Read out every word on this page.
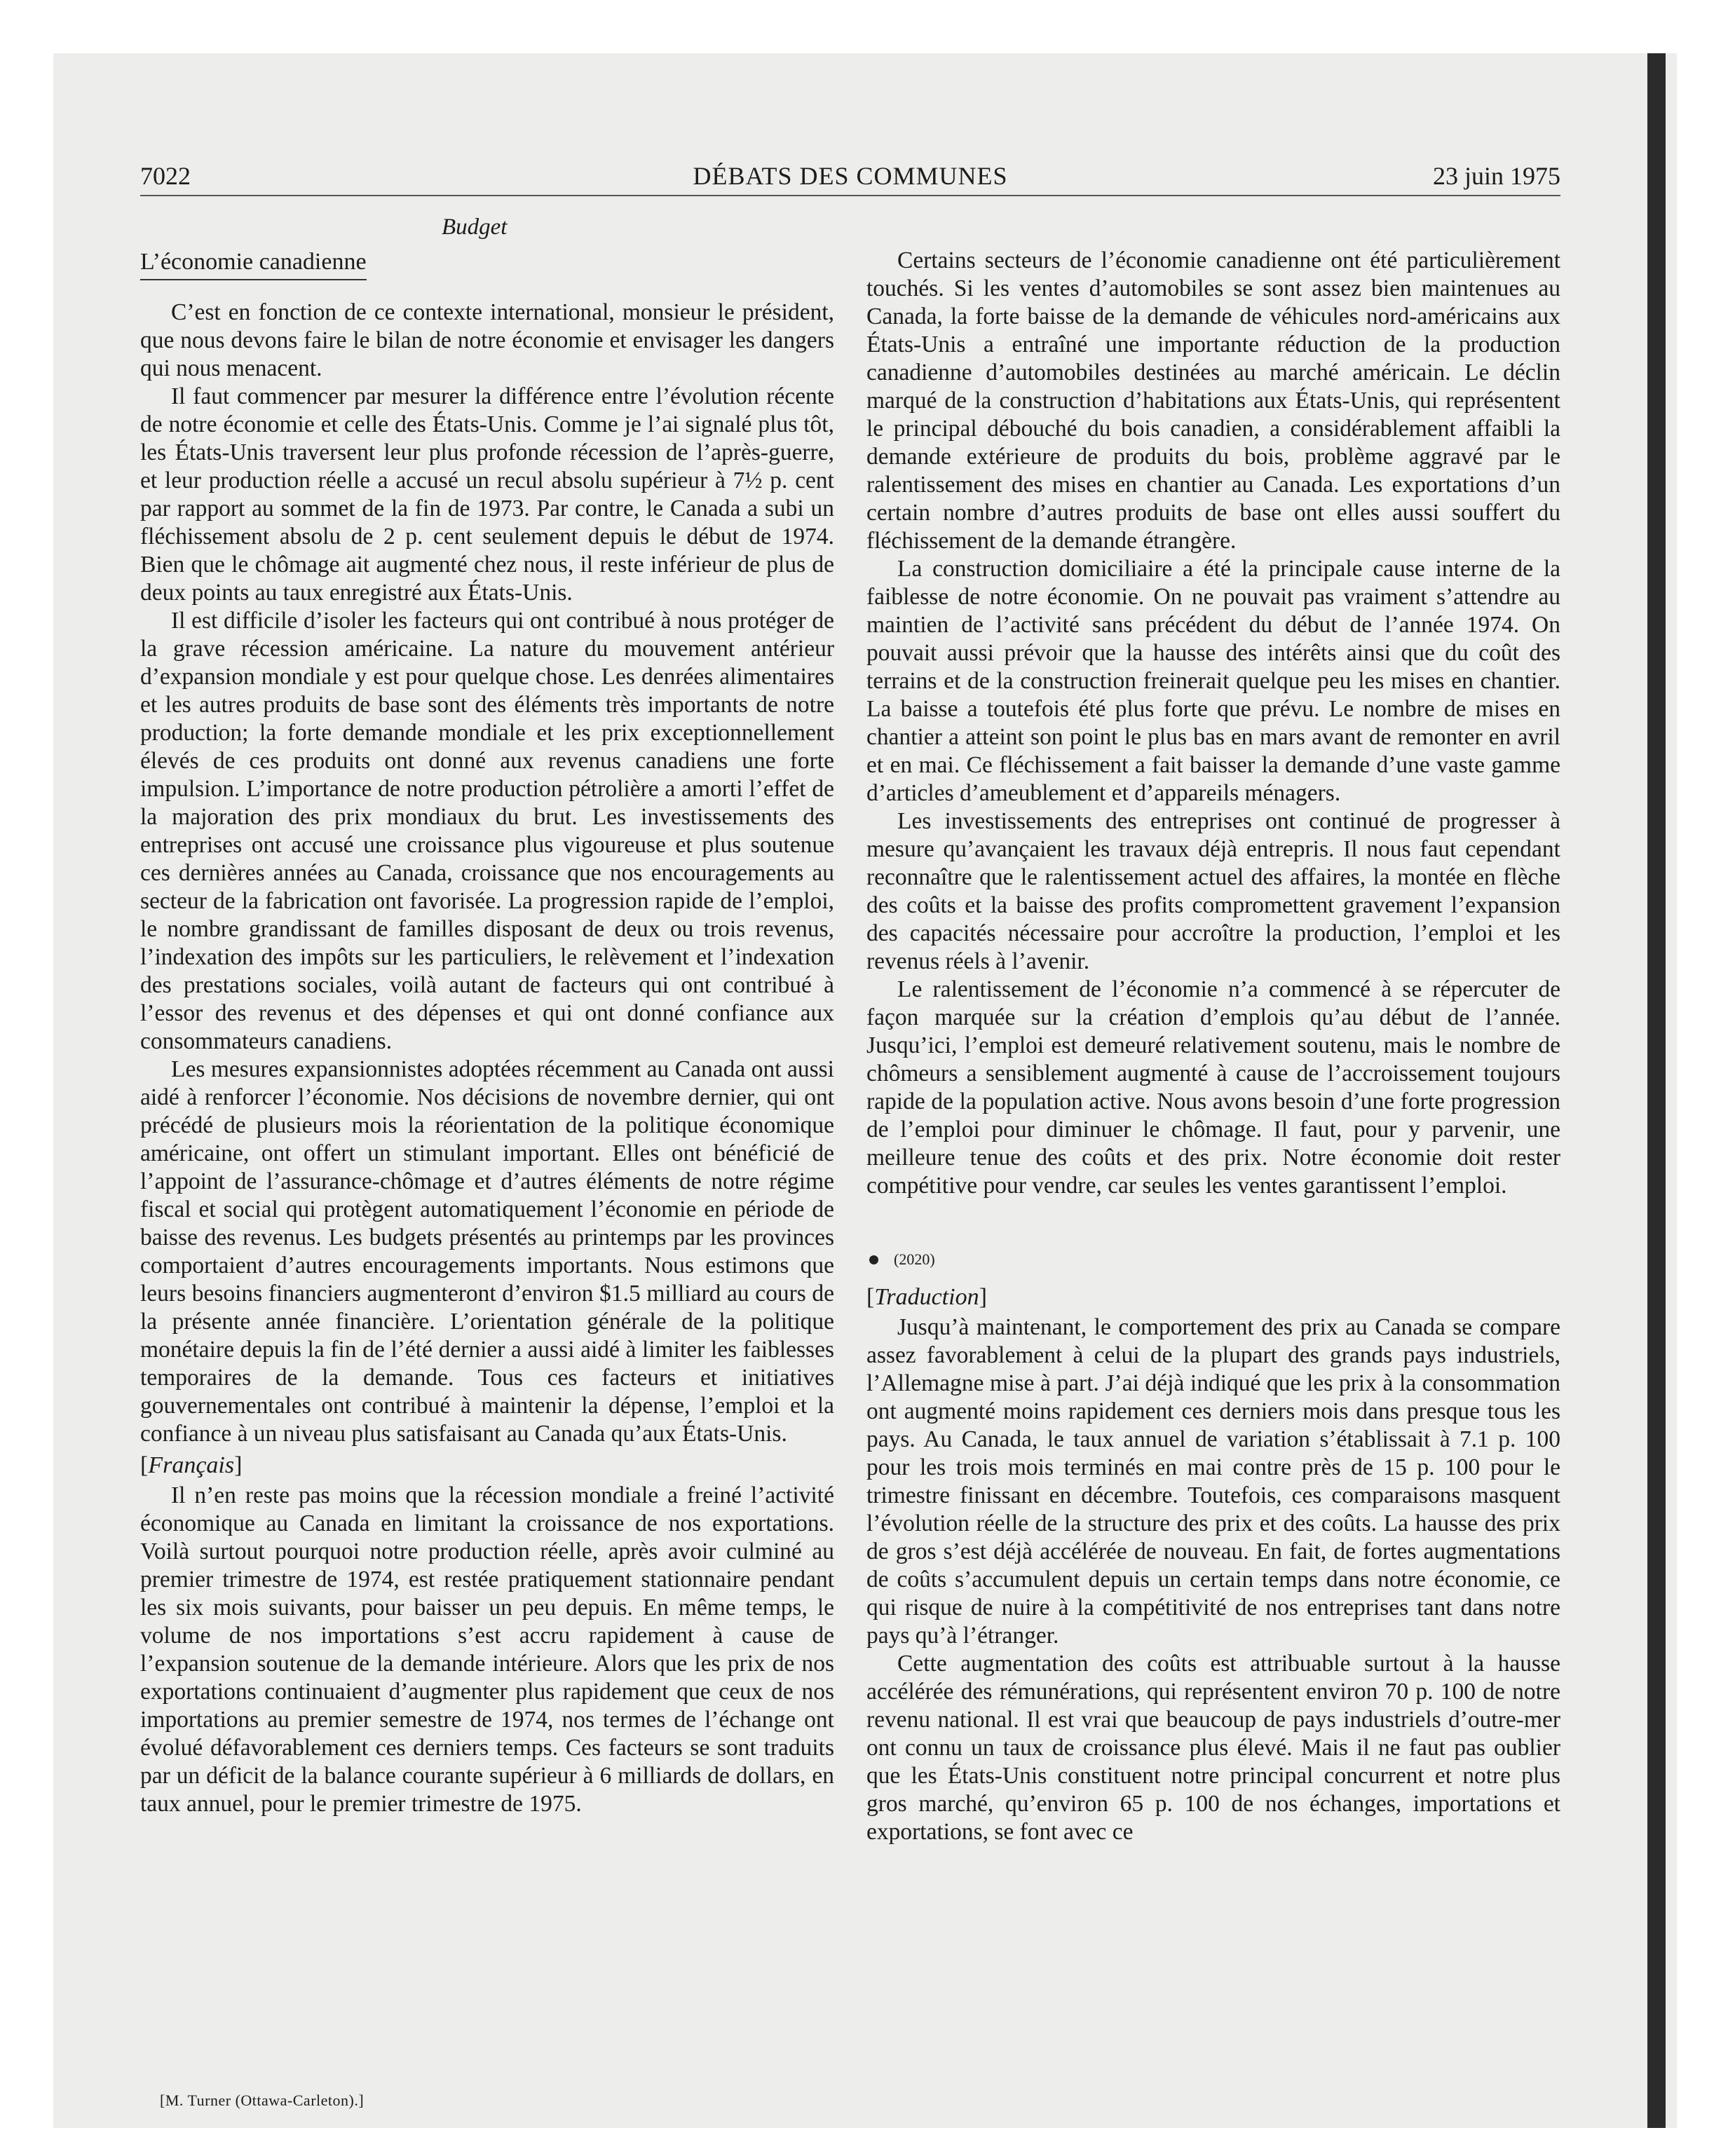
7022	DÉBATS DES COMMUNES	23 juin 1975
Budget
L’économie canadienne

C’est en fonction de ce contexte international, monsieur le président, que nous devons faire le bilan de notre économie et envisager les dangers qui nous menacent.

Il faut commencer par mesurer la différence entre l’évolution récente de notre économie et celle des États-Unis. Comme je l’ai signalé plus tôt, les États-Unis traversent leur plus profonde récession de l’après-guerre, et leur production réelle a accusé un recul absolu supérieur à 7½ p. cent par rapport au sommet de la fin de 1973. Par contre, le Canada a subi un fléchissement absolu de 2 p. cent seulement depuis le début de 1974. Bien que le chômage ait augmenté chez nous, il reste inférieur de plus de deux points au taux enregistré aux États-Unis.

Il est difficile d’isoler les facteurs qui ont contribué à nous protéger de la grave récession américaine. La nature du mouvement antérieur d’expansion mondiale y est pour quelque chose. Les denrées alimentaires et les autres produits de base sont des éléments très importants de notre production; la forte demande mondiale et les prix exceptionnellement élevés de ces produits ont donné aux revenus canadiens une forte impulsion. L’importance de notre production pétrolière a amorti l’effet de la majoration des prix mondiaux du brut. Les investissements des entreprises ont accusé une croissance plus vigoureuse et plus soutenue ces dernières années au Canada, croissance que nos encouragements au secteur de la fabrication ont favorisée. La progression rapide de l’emploi, le nombre grandissant de familles disposant de deux ou trois revenus, l’indexation des impôts sur les particuliers, le relèvement et l’indexation des prestations sociales, voilà autant de facteurs qui ont contribué à l’essor des revenus et des dépenses et qui ont donné confiance aux consommateurs canadiens.

Les mesures expansionnistes adoptées récemment au Canada ont aussi aidé à renforcer l’économie. Nos décisions de novembre dernier, qui ont précédé de plusieurs mois la réorientation de la politique économique américaine, ont offert un stimulant important. Elles ont bénéficié de l’appoint de l’assurance-chômage et d’autres éléments de notre régime fiscal et social qui protègent automatiquement l’économie en période de baisse des revenus. Les budgets présentés au printemps par les provinces comportaient d’autres encouragements importants. Nous estimons que leurs besoins financiers augmenteront d’environ $1.5 milliard au cours de la présente année financière. L’orientation générale de la politique monétaire depuis la fin de l’été dernier a aussi aidé à limiter les faiblesses temporaires de la demande. Tous ces facteurs et initiatives gouvernementales ont contribué à maintenir la dépense, l’emploi et la confiance à un niveau plus satisfaisant au Canada qu’aux États-Unis.

[Français]

Il n’en reste pas moins que la récession mondiale a freiné l’activité économique au Canada en limitant la croissance de nos exportations. Voilà surtout pourquoi notre production réelle, après avoir culminé au premier trimestre de 1974, est restée pratiquement stationnaire pendant les six mois suivants, pour baisser un peu depuis. En même temps, le volume de nos importations s’est accru rapidement à cause de l’expansion soutenue de la demande intérieure. Alors que les prix de nos exportations continuaient d’augmenter plus rapidement que ceux de nos importations au premier semestre de 1974, nos termes de l’échange ont évolué défavorablement ces derniers temps. Ces facteurs se sont traduits par un déficit de la balance courante supérieur à 6 milliards de dollars, en taux annuel, pour le premier trimestre de 1975.

Certains secteurs de l’économie canadienne ont été particulièrement touchés. Si les ventes d’automobiles se sont assez bien maintenues au Canada, la forte baisse de la demande de véhicules nord-américains aux États-Unis a entraîné une importante réduction de la production canadienne d’automobiles destinées au marché américain. Le déclin marqué de la construction d’habitations aux États-Unis, qui représentent le principal débouché du bois canadien, a considérablement affaibli la demande extérieure de produits du bois, problème aggravé par le ralentissement des mises en chantier au Canada. Les exportations d’un certain nombre d’autres produits de base ont elles aussi souffert du fléchissement de la demande étrangère.

La construction domiciliaire a été la principale cause interne de la faiblesse de notre économie. On ne pouvait pas vraiment s’attendre au maintien de l’activité sans précédent du début de l’année 1974. On pouvait aussi prévoir que la hausse des intérêts ainsi que du coût des terrains et de la construction freinerait quelque peu les mises en chantier. La baisse a toutefois été plus forte que prévu. Le nombre de mises en chantier a atteint son point le plus bas en mars avant de remonter en avril et en mai. Ce fléchissement a fait baisser la demande d’une vaste gamme d’articles d’ameublement et d’appareils ménagers.

Les investissements des entreprises ont continué de progresser à mesure qu’avançaient les travaux déjà entrepris. Il nous faut cependant reconnaître que le ralentissement actuel des affaires, la montée en flèche des coûts et la baisse des profits compromettent gravement l’expansion des capacités nécessaire pour accroître la production, l’emploi et les revenus réels à l’avenir.

Le ralentissement de l’économie n’a commencé à se répercuter de façon marquée sur la création d’emplois qu’au début de l’année. Jusqu’ici, l’emploi est demeuré relativement soutenu, mais le nombre de chômeurs a sensiblement augmenté à cause de l’accroissement toujours rapide de la population active. Nous avons besoin d’une forte progression de l’emploi pour diminuer le chômage. Il faut, pour y parvenir, une meilleure tenue des coûts et des prix. Notre économie doit rester compétitive pour vendre, car seules les ventes garantissent l’emploi.

(2020)
[Traduction]

Jusqu’à maintenant, le comportement des prix au Canada se compare assez favorablement à celui de la plupart des grands pays industriels, l’Allemagne mise à part. J’ai déjà indiqué que les prix à la consommation ont augmenté moins rapidement ces derniers mois dans presque tous les pays. Au Canada, le taux annuel de variation s’établissait à 7.1 p. 100 pour les trois mois terminés en mai contre près de 15 p. 100 pour le trimestre finissant en décembre. Toutefois, ces comparaisons masquent l’évolution réelle de la structure des prix et des coûts. La hausse des prix de gros s’est déjà accélérée de nouveau. En fait, de fortes augmentations de coûts s’accumulent depuis un certain temps dans notre économie, ce qui risque de nuire à la compétitivité de nos entreprises tant dans notre pays qu’à l’étranger.

Cette augmentation des coûts est attribuable surtout à la hausse accélérée des rémunérations, qui représentent environ 70 p. 100 de notre revenu national. Il est vrai que beaucoup de pays industriels d’outre-mer ont connu un taux de croissance plus élevé. Mais il ne faut pas oublier que les États-Unis constituent notre principal concurrent et notre plus gros marché, qu’environ 65 p. 100 de nos échanges, importations et exportations, se font avec ce

[M. Turner (Ottawa-Carleton).]
